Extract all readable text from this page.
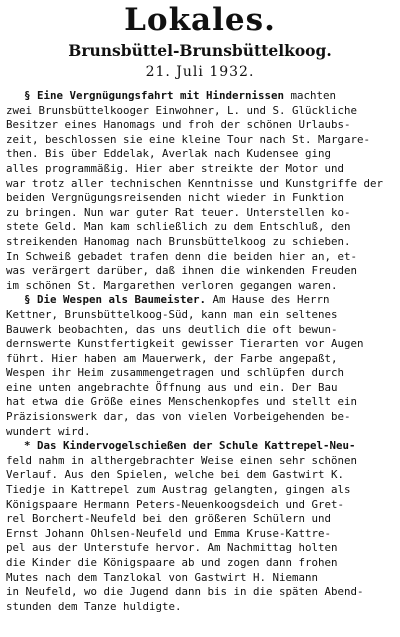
Lokales.
Brunsbüttel-Brunsbüttelkoog.
21. Juli 1932.
§ Eine Vergnügungsfahrt mit Hindernissen machten
zwei Brunsbüttelkooger Einwohner, L. und S. Glückliche
Besitzer eines Hanomags und froh der schönen Urlaubs-
zeit, beschlossen sie eine kleine Tour nach St. Margare-
then. Bis über Eddelak, Averlak nach Kudensee ging
alles programmäßig. Hier aber streikte der Motor und
war trotz aller technischen Kenntnisse und Kunstgriffe der
beiden Vergnügungsreisenden nicht wieder in Funktion
zu bringen. Nun war guter Rat teuer. Unterstellen ko-
stete Geld. Man kam schließlich zu dem Entschluß, den
streikenden Hanomag nach Brunsbüttelkoog zu schieben.
In Schweiß gebadet trafen denn die beiden hier an, et-
was verärgert darüber, daß ihnen die winkenden Freuden
im schönen St. Margarethen verloren gegangen waren.
§ Die Wespen als Baumeister. Am Hause des Herrn
Kettner, Brunsbüttelkoog-Süd, kann man ein seltenes
Bauwerk beobachten, das uns deutlich die oft bewun-
dernswerte Kunstfertigkeit gewisser Tierarten vor Augen
führt. Hier haben am Mauerwerk, der Farbe angepaßt,
Wespen ihr Heim zusammengetragen und schlüpfen durch
eine unten angebrachte Öffnung aus und ein. Der Bau
hat etwa die Größe eines Menschenkopfes und stellt ein
Präzisionswerk dar, das von vielen Vorbeigehenden be-
wundert wird.
* Das Kindervogelschießen der Schule Kattrepel-Neu-
feld nahm in althergebrachter Weise einen sehr schönen
Verlauf. Aus den Spielen, welche bei dem Gastwirt K.
Tiedje in Kattrepel zum Austrag gelangten, gingen als
Königspaare Hermann Peters-Neuenkoogsdeich und Gret-
rel Borchert-Neufeld bei den größeren Schülern und
Ernst Johann Ohlsen-Neufeld und Emma Kruse-Kattre-
pel aus der Unterstufe hervor. Am Nachmittag holten
die Kinder die Königspaare ab und zogen dann frohen
Mutes nach dem Tanzlokal von Gastwirt H. Niemann
in Neufeld, wo die Jugend dann bis in die späten Abend-
stunden dem Tanze huldigte.
